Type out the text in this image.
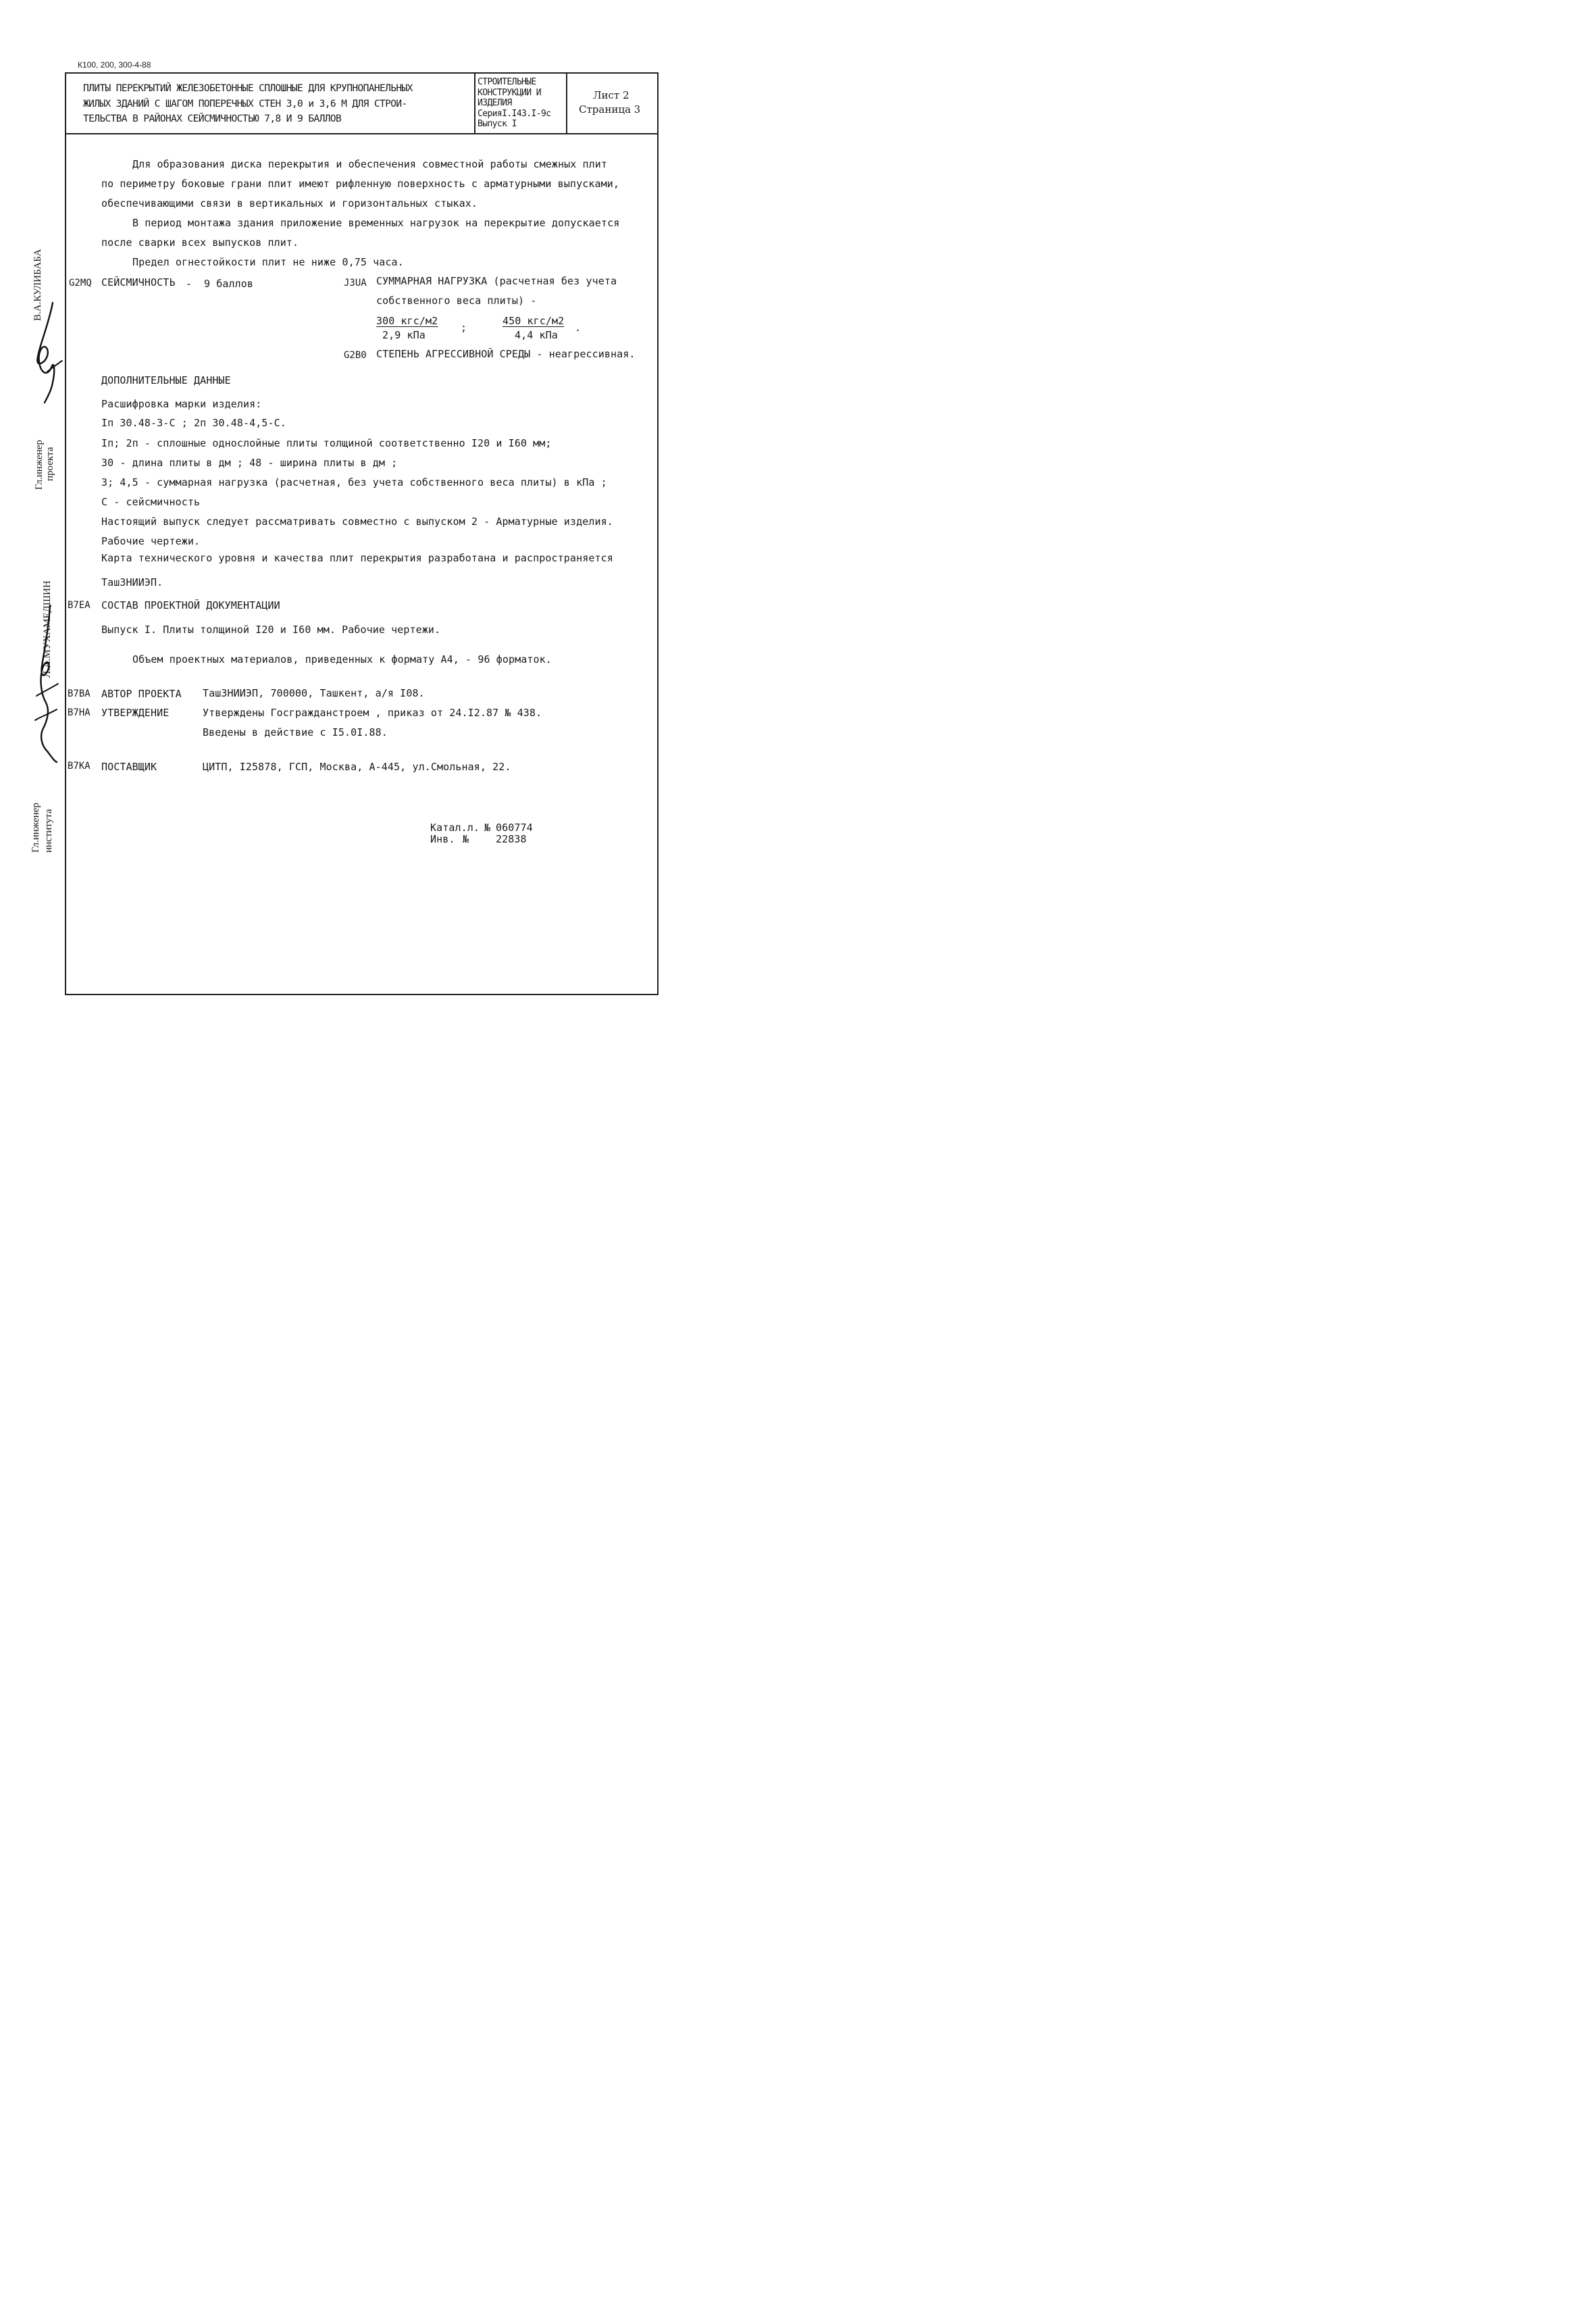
К100, 200, 300-4-88
ПЛИТЫ ПЕРЕКРЫТИЙ ЖЕЛЕЗОБЕТОННЫЕ СПЛОШНЫЕ ДЛЯ КРУПНОПАНЕЛЬНЫХ
ЖИЛЫХ ЗДАНИЙ С ШАГОМ ПОПЕРЕЧНЫХ СТЕН 3,0 и 3,6 М ДЛЯ СТРОИ-
ТЕЛЬСТВА В РАЙОНАХ СЕЙСМИЧНОСТЬЮ 7,8 И 9 БАЛЛОВ
СТРОИТЕЛЬНЫЕ
КОНСТРУКЦИИ И
ИЗДЕЛИЯ
СерияI.I43.I-9c
Выпуск I
Лист 2
Страница 3
Для образования диска перекрытия и обеспечения совместной работы смежных плит
по периметру боковые грани плит имеют рифленную поверхность с арматурными выпусками,
обеспечивающими связи в вертикальных и горизонтальных стыках.
В период монтажа здания приложение временных нагрузок на перекрытие допускается
после сварки всех выпусков плит.
Предел огнестойкости плит не ниже 0,75 часа.
G2MQ СЕЙСМИЧНОСТЬ - 9 баллов	J3UA СУММАРНАЯ НАГРУЗКА (расчетная без учета
собственного веса плиты) -
300 кгс/м2
2,9 кПа
;
450 кгс/м2
4,4 кПа
.
G2B0 СТЕПЕНЬ АГРЕССИВНОЙ СРЕДЫ - неагрессивная.
ДОПОЛНИТЕЛЬНЫЕ ДАННЫЕ
Расшифровка марки изделия:
Iп 30.48-3-С ; 2п 30.48-4,5-С.
Iп; 2п - сплошные однослойные плиты толщиной соответственно I20 и I60 мм;
30 - длина плиты в дм ; 48 - ширина плиты в дм ;
3; 4,5 - суммарная нагрузка (расчетная, без учета собственного веса плиты) в кПа ;
С - сейсмичность
Настоящий выпуск следует рассматривать совместно с выпуском 2 - Арматурные изделия.
Рабочие чертежи.
Карта технического уровня и качества плит перекрытия разработана и распространяется
ТашЗНИИЭП.
B7EA СОСТАВ ПРОЕКТНОЙ ДОКУМЕНТАЦИИ
Выпуск I. Плиты толщиной I20 и I60 мм. Рабочие чертежи.
Объем проектных материалов, приведенных к формату А4, - 96 форматок.
B7BA АВТОР ПРОЕКТА ТашЗНИИЭП, 700000, Ташкент, а/я I08.
B7HA УТВЕРЖДЕНИЕ	Утверждены Госгражданстроем , приказ от 24.I2.87 № 438.
Введены в действие с I5.0I.88.
B7KA ПОСТАВЩИК	ЦИТП, I25878, ГСП, Москва, А-445, ул.Смольная, 22.
Катал.л. № 060774
Инв. №	22838
В.А.КУЛИБАБА
Гл.инженер проекта
Л.А.МУХАМЕДШИН
Гл.инженер института
